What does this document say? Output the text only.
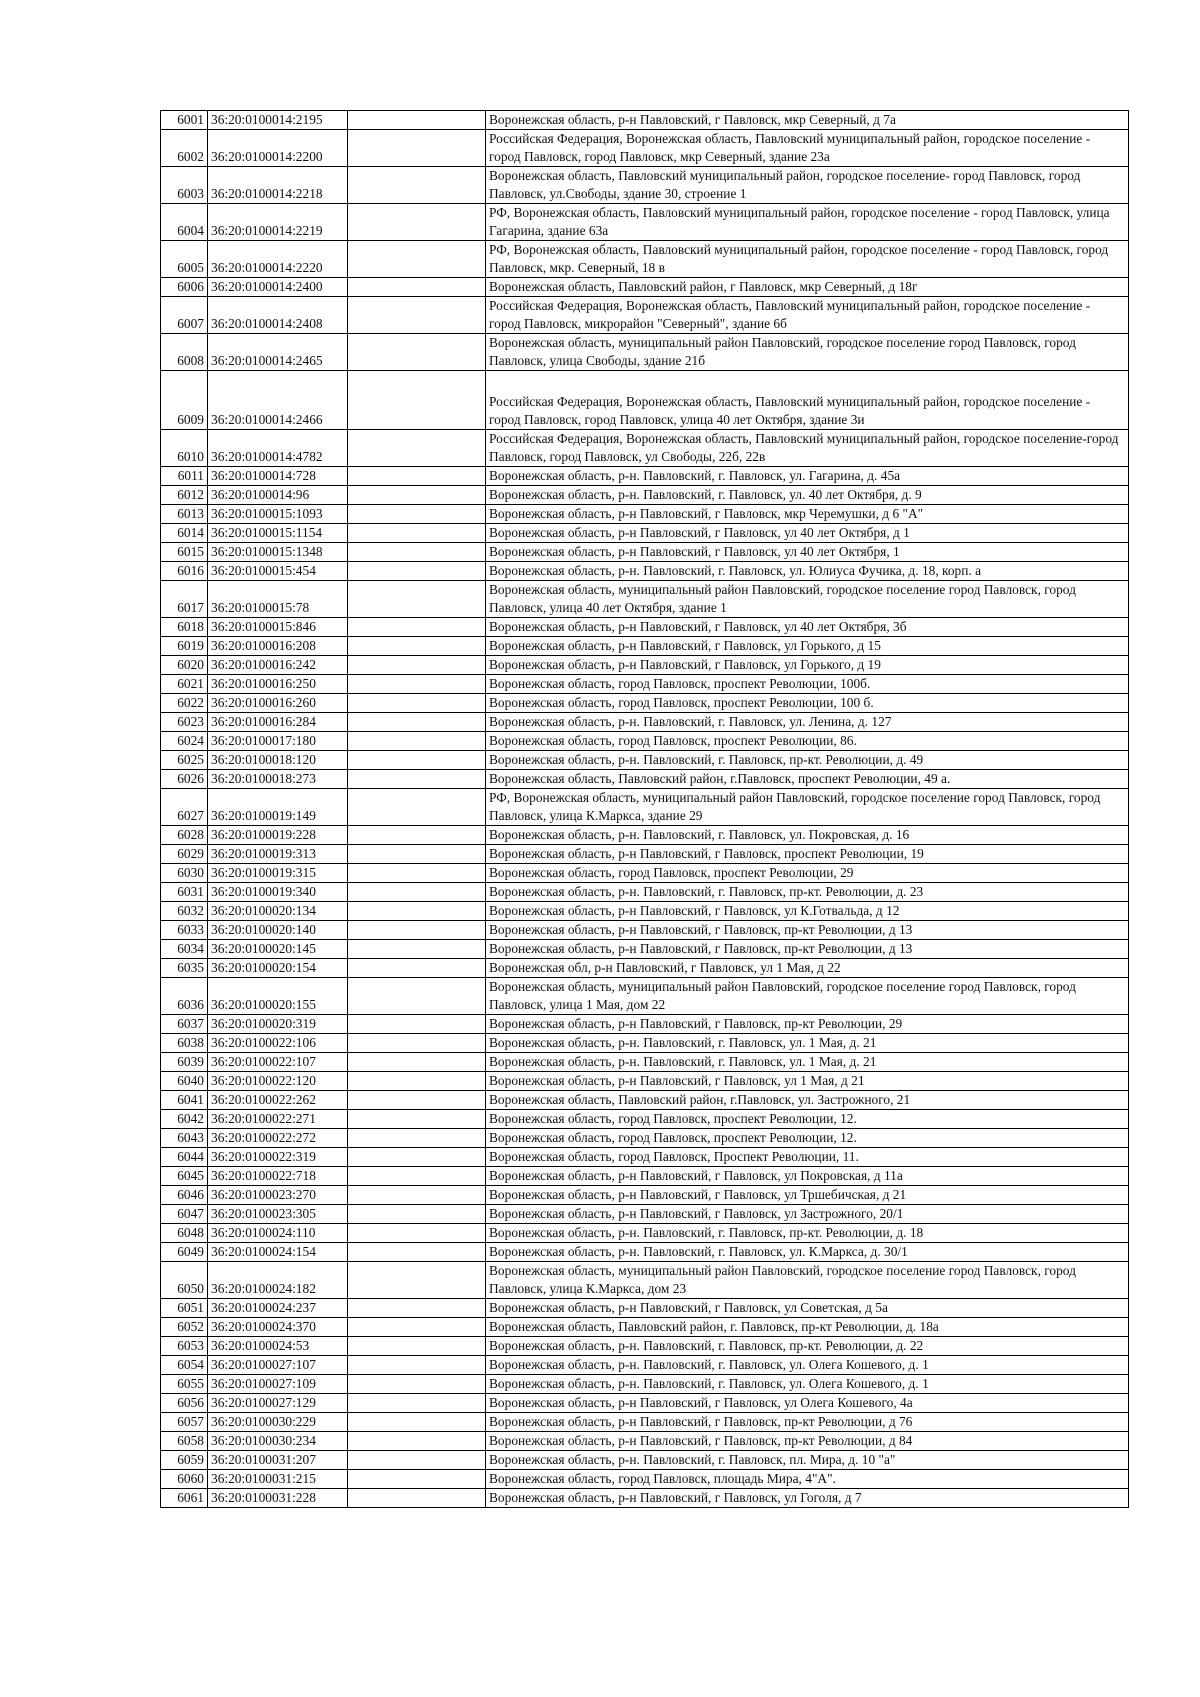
6001	36:20:0100014:2195		Воронежская область, р-н Павловский, г Павловск, мкр Северный, д 7а
6002	36:20:0100014:2200		Российская Федерация, Воронежская область, Павловский муниципальный район, городское поселение - город Павловск, город Павловск, мкр Северный, здание 23а
6003	36:20:0100014:2218		Воронежская область, Павловский муниципальный район, городское поселение- город Павловск, город Павловск, ул.Свободы, здание 30, строение 1
6004	36:20:0100014:2219		РФ, Воронежская область, Павловский муниципальный район, городское поселение - город Павловск, улица Гагарина, здание 63а
6005	36:20:0100014:2220		РФ, Воронежская область, Павловский муниципальный район, городское поселение - город Павловск, город Павловск, мкр. Северный, 18 в
6006	36:20:0100014:2400		Воронежская область, Павловский район, г Павловск, мкр Северный, д 18г
6007	36:20:0100014:2408		Российская Федерация, Воронежская область, Павловский муниципальный район, городское поселение - город Павловск, микрорайон "Северный", здание 6б
6008	36:20:0100014:2465		Воронежская область, муниципальный район Павловский, городское поселение город Павловск, город Павловск, улица Свободы, здание 21б
6009	36:20:0100014:2466		Российская Федерация, Воронежская область, Павловский муниципальный район, городское поселение - город Павловск, город Павловск, улица 40 лет Октября, здание 3и
6010	36:20:0100014:4782		Российская Федерация, Воронежская область, Павловский муниципальный район, городское поселение-город Павловск, город Павловск, ул Свободы, 22б, 22в
6011	36:20:0100014:728		Воронежская область, р-н. Павловский, г. Павловск, ул. Гагарина, д. 45а
6012	36:20:0100014:96		Воронежская область, р-н. Павловский, г. Павловск, ул. 40 лет Октября, д. 9
6013	36:20:0100015:1093		Воронежская область, р-н Павловский, г Павловск, мкр Черемушки, д 6 "А"
6014	36:20:0100015:1154		Воронежская область, р-н Павловский, г Павловск, ул 40 лет Октября, д 1
6015	36:20:0100015:1348		Воронежская область, р-н Павловский, г Павловск, ул 40 лет Октября, 1
6016	36:20:0100015:454		Воронежская область, р-н. Павловский, г. Павловск, ул. Юлиуса Фучика, д. 18, корп. а
6017	36:20:0100015:78		Воронежская область, муниципальный район Павловский, городское поселение город Павловск, город Павловск, улица 40 лет Октября, здание 1
6018	36:20:0100015:846		Воронежская область, р-н Павловский, г Павловск, ул 40 лет Октября, 3б
6019	36:20:0100016:208		Воронежская область, р-н Павловский, г Павловск, ул Горького, д 15
6020	36:20:0100016:242		Воронежская область, р-н Павловский, г Павловск, ул Горького, д 19
6021	36:20:0100016:250		Воронежская область, город Павловск, проспект Революции, 100б.
6022	36:20:0100016:260		Воронежская область, город Павловск, проспект Революции, 100 б.
6023	36:20:0100016:284		Воронежская область, р-н. Павловский, г. Павловск, ул. Ленина, д. 127
6024	36:20:0100017:180		Воронежская область, город Павловск, проспект Революции, 86.
6025	36:20:0100018:120		Воронежская область, р-н. Павловский, г. Павловск, пр-кт. Революции, д. 49
6026	36:20:0100018:273		Воронежская область, Павловский район, г.Павловск, проспект Революции, 49 а.
6027	36:20:0100019:149		РФ, Воронежская область, муниципальный район Павловский, городское поселение город Павловск, город Павловск, улица К.Маркса, здание 29
6028	36:20:0100019:228		Воронежская область, р-н. Павловский, г. Павловск, ул. Покровская, д. 16
6029	36:20:0100019:313		Воронежская область, р-н Павловский, г Павловск, проспект Революции, 19
6030	36:20:0100019:315		Воронежская область, город Павловск, проспект Революции, 29
6031	36:20:0100019:340		Воронежская область, р-н. Павловский, г. Павловск, пр-кт. Революции, д. 23
6032	36:20:0100020:134		Воронежская область, р-н Павловский, г Павловск, ул К.Готвальда, д 12
6033	36:20:0100020:140		Воронежская область, р-н Павловский, г Павловск, пр-кт Революции, д 13
6034	36:20:0100020:145		Воронежская область, р-н Павловский, г Павловск, пр-кт Революции, д 13
6035	36:20:0100020:154		Воронежская обл, р-н Павловский, г Павловск, ул 1 Мая, д 22
6036	36:20:0100020:155		Воронежская область, муниципальный район Павловский, городское поселение город Павловск, город Павловск, улица 1 Мая, дом 22
6037	36:20:0100020:319		Воронежская область, р-н Павловский, г Павловск, пр-кт Революции, 29
6038	36:20:0100022:106		Воронежская область, р-н. Павловский, г. Павловск, ул. 1 Мая, д. 21
6039	36:20:0100022:107		Воронежская область, р-н. Павловский, г. Павловск, ул. 1 Мая, д. 21
6040	36:20:0100022:120		Воронежская область, р-н Павловский, г Павловск, ул 1 Мая, д 21
6041	36:20:0100022:262		Воронежская область, Павловский район, г.Павловск, ул. Застрожного, 21
6042	36:20:0100022:271		Воронежская область, город Павловск, проспект Революции, 12.
6043	36:20:0100022:272		Воронежская область, город Павловск, проспект Революции, 12.
6044	36:20:0100022:319		Воронежская область, город Павловск, Проспект Революции, 11.
6045	36:20:0100022:718		Воронежская область, р-н Павловский, г Павловск, ул Покровская, д 11а
6046	36:20:0100023:270		Воронежская область, р-н Павловский, г Павловск, ул Тршебичская, д 21
6047	36:20:0100023:305		Воронежская область, р-н Павловский, г Павловск, ул Застрожного, 20/1
6048	36:20:0100024:110		Воронежская область, р-н. Павловский, г. Павловск, пр-кт. Революции, д. 18
6049	36:20:0100024:154		Воронежская область, р-н. Павловский, г. Павловск, ул. К.Маркса, д. 30/1
6050	36:20:0100024:182		Воронежская область, муниципальный район Павловский, городское поселение город Павловск, город Павловск, улица К.Маркса, дом 23
6051	36:20:0100024:237		Воронежская область, р-н Павловский, г Павловск, ул Советская, д 5а
6052	36:20:0100024:370		Воронежская область, Павловский район, г. Павловск, пр-кт Революции, д. 18а
6053	36:20:0100024:53		Воронежская область, р-н. Павловский, г. Павловск, пр-кт. Революции, д. 22
6054	36:20:0100027:107		Воронежская область, р-н. Павловский, г. Павловск, ул. Олега Кошевого, д. 1
6055	36:20:0100027:109		Воронежская область, р-н. Павловский, г. Павловск, ул. Олега Кошевого, д. 1
6056	36:20:0100027:129		Воронежская область, р-н Павловский, г Павловск, ул Олега Кошевого, 4а
6057	36:20:0100030:229		Воронежская область, р-н Павловский, г Павловск, пр-кт Революции, д 76
6058	36:20:0100030:234		Воронежская область, р-н Павловский, г Павловск, пр-кт Революции, д 84
6059	36:20:0100031:207		Воронежская область, р-н. Павловский, г. Павловск, пл. Мира, д. 10 "а"
6060	36:20:0100031:215		Воронежская область, город Павловск, площадь Мира, 4"А".
6061	36:20:0100031:228		Воронежская область, р-н Павловский, г Павловск, ул Гоголя, д 7
